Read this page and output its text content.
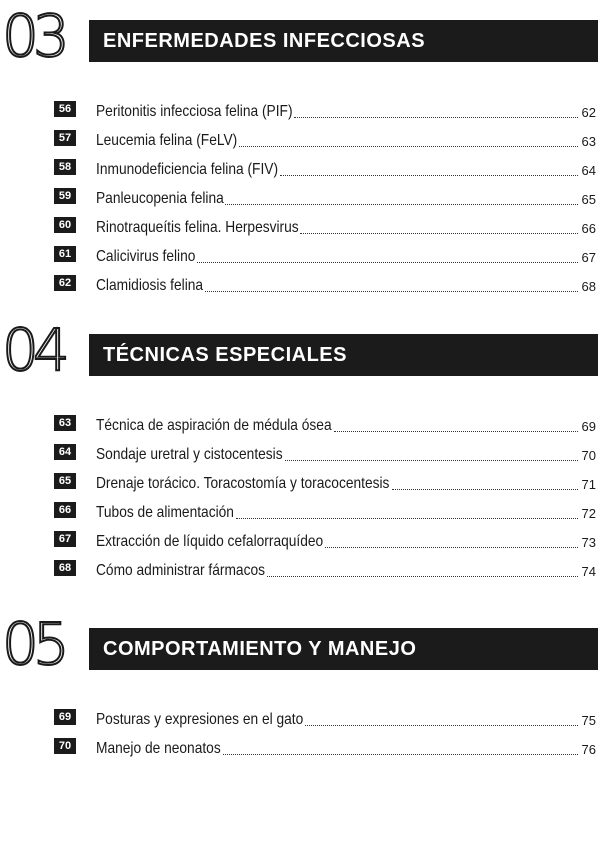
03	ENFERMEDADES INFECCIOSAS
56	Peritonitis infecciosa felina (PIF)	62
57	Leucemia felina (FeLV)	63
58	Inmunodeficiencia felina (FIV)	64
59	Panleucopenia felina	65
60	Rinotraqueítis felina. Herpesvirus	66
61	Calicivirus felino	67
62	Clamidiosis felina	68
04	TÉCNICAS ESPECIALES
63	Técnica de aspiración de médula ósea	69
64	Sondaje uretral y cistocentesis	70
65	Drenaje torácico. Toracostomía y toracocentesis	71
66	Tubos de alimentación	72
67	Extracción de líquido cefalorraquídeo	73
68	Cómo administrar fármacos	74
05	COMPORTAMIENTO Y MANEJO
69	Posturas y expresiones en el gato	75
70	Manejo de neonatos	76
